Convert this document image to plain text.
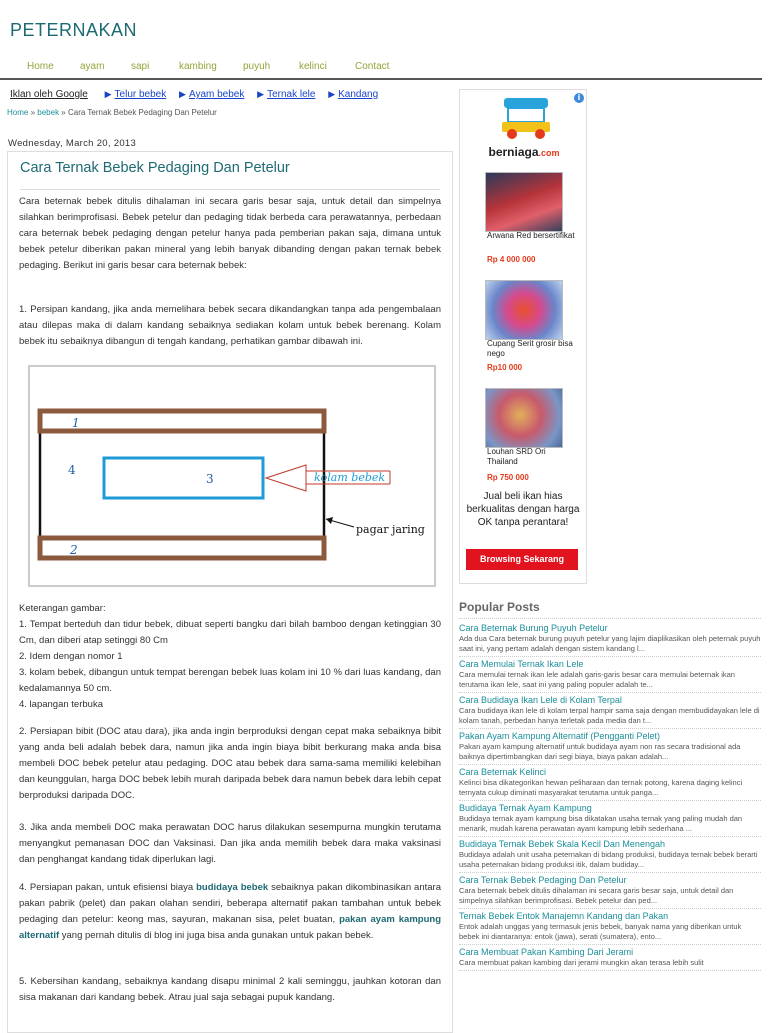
PETERNAKAN
Home	ayam	sapi	kambing	puyuh	kelinci	Contact
Iklan oleh Google ▶ Telur bebek ▶ Ayam bebek ▶ Ternak lele ▶ Kandang
Home » bebek » Cara Ternak Bebek Pedaging Dan Petelur
Wednesday, March 20, 2013
Cara Ternak Bebek Pedaging Dan Petelur

Cara beternak bebek ditulis dihalaman ini secara garis besar saja, untuk detail dan simpelnya silahkan berimprofisasi. Bebek petelur dan pedaging tidak berbeda cara perawatannya, perbedaan cara beternak bebek pedaging dengan petelur hanya pada pemberian pakan saja, dimana untuk bebek petelur diberikan pakan mineral yang lebih banyak dibanding dengan pakan ternak bebek pedaging. Berikut ini garis besar cara beternak bebek:

1. Persipan kandang, jika anda memelihara bebek secara dikandangkan tanpa ada pengembalaan atau dilepas maka di dalam kandang sebaiknya sediakan kolam untuk bebek berenang. Kolam bebek itu sebaiknya dibangun di tengah kandang, perhatikan gambar dibawah ini.

1
2
3
4
kolam bebek
pagar jaring

Keterangan gambar:

1. Tempat berteduh dan tidur bebek, dibuat seperti bangku dari bilah bamboo dengan ketinggian 30 Cm, dan diberi atap setinggi 80 Cm

2. Idem dengan nomor 1

3. kolam bebek, dibangun untuk tempat berengan bebek luas kolam ini 10 % dari luas kandang, dan kedalamannya 50 cm.

4. lapangan terbuka

2. Persiapan bibit (DOC atau dara), jika anda ingin berproduksi dengan cepat maka sebaiknya bibit yang anda beli adalah bebek dara, namun jika anda ingin biaya bibit berkurang maka anda bisa membeli DOC bebek petelur atau pedaging. DOC atau bebek dara sama-sama memiliki kelebihan dan keunggulan, harga DOC bebek lebih murah daripada bebek dara namun bebek dara lebih cepat berproduksi daripada DOC.

3. Jika anda membeli DOC maka perawatan DOC harus dilakukan sesempurna mungkin terutama menyangkut pemanasan DOC dan Vaksinasi. Dan jika anda memilih bebek dara maka vaksinasi dan penghangat kandang tidak diperlukan lagi.

4. Persiapan pakan, untuk efisiensi biaya budidaya bebek sebaiknya pakan dikombinasikan antara pakan pabrik (pelet) dan pakan olahan sendiri, beberapa alternatif pakan tambahan untuk bebek pedaging dan petelur: keong mas, sayuran, makanan sisa, pelet buatan, pakan ayam kampung alternatif yang pernah ditulis di blog ini juga bisa anda gunakan untuk pakan bebek.

5. Kebersihan kandang, sebaiknya kandang disapu minimal 2 kali seminggu, jauhkan kotoran dan sisa makanan dari kandang bebek. Atrau jual saja sebagai pupuk kandang.

i
berniaga.com
Arwana Red bersertifikat
Rp 4 000 000
Cupang Serit grosir bisa nego
Rp10 000
Louhan SRD Ori Thailand
Rp 750 000
Jual beli ikan hias berkualitas dengan harga OK tanpa perantara!
Browsing Sekarang
Popular Posts
Cara Beternak Burung Puyuh Petelur
Ada dua Cara beternak burung puyuh petelur yang lajim diaplikasikan oleh peternak puyuh saat ini, yang pertam adalah dengan sistem kandang l...
Cara Memulai Ternak Ikan Lele
Cara memulai ternak ikan lele adalah garis-garis besar cara memulai beternak ikan terutama ikan lele, saat ini yang paling populer adalah te...
Cara Budidaya Ikan Lele di Kolam Terpal
Cara budidaya ikan lele di kolam terpal hampir sama saja dengan membudidayakan lele di kolam tanah, perbedan hanya terletak pada media dan t...
Pakan Ayam Kampung Alternatif (Pengganti Pelet)
Pakan ayam kampung alternatif untuk budidaya ayam non ras secara tradisional ada baiknya dipertimbangkan dari segi biaya, biaya pakan adalah...
Cara Beternak Kelinci
Kelinci bisa dikategorikan hewan peliharaan dan ternak potong, karena daging kelinci ternyata cukup diminati masyarakat terutama untuk panga...
Budidaya Ternak Ayam Kampung
Budidaya ternak ayam kampung bisa dikatakan usaha ternak yang paling mudah dan menarik, mudah karena perawatan ayam kampung lebih sederhana ...
Budidaya Ternak Bebek Skala Kecil Dan Menengah
Budidaya adalah unit usaha peternakan di bidang produksi, budidaya ternak bebek berarti usaha peternakan bidang produksi itik, dalam budiday...
Cara Ternak Bebek Pedaging Dan Petelur
Cara beternak bebek ditulis dihalaman ini secara garis besar saja, untuk detail dan simpelnya silahkan berimprofisasi. Bebek petelur dan ped...
Ternak Bebek Entok Manajemn Kandang dan Pakan
Entok adalah unggas yang termasuk jenis bebek, banyak nama yang diberikan untuk bebek ini diantaranya: entok (jawa), serati (sumatera), ento...
Cara Membuat Pakan Kambing Dari Jerami
Cara membuat pakan kambing dari jerami mungkin akan terasa lebih sulit
